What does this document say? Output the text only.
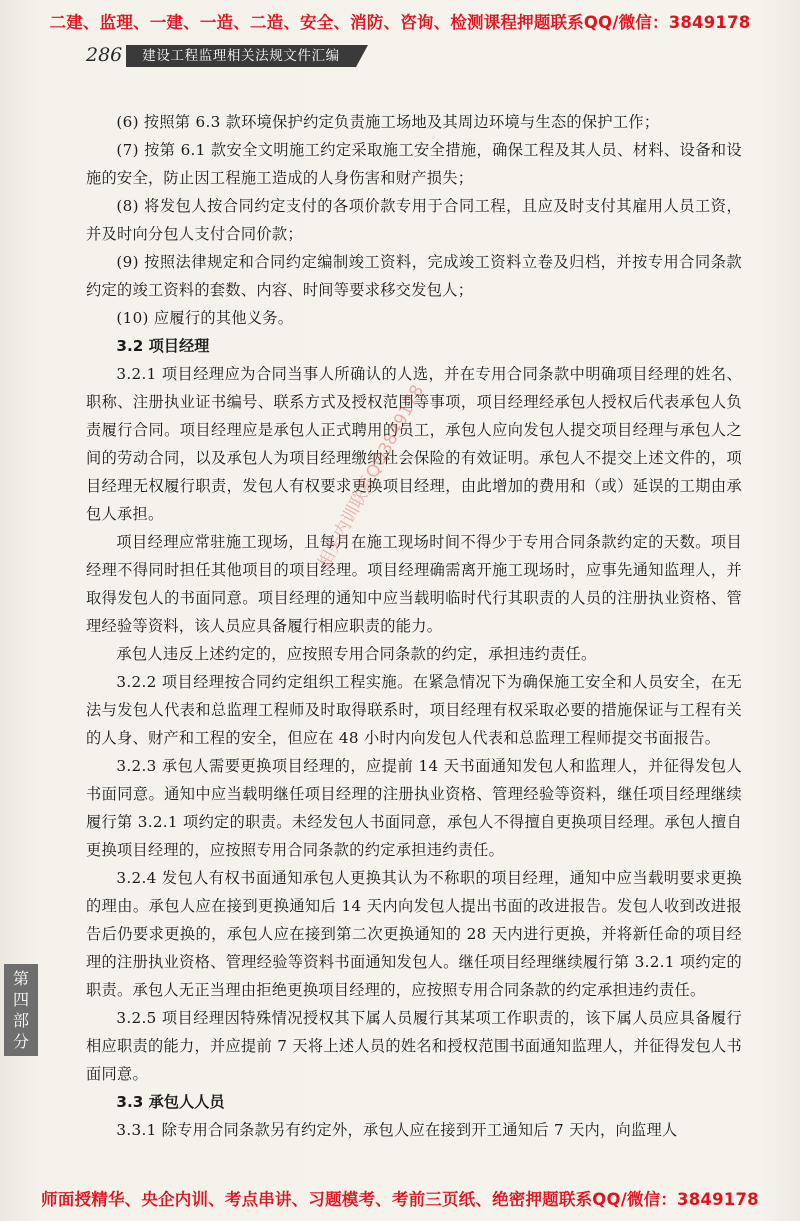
二建、监理、一建、一造、二造、安全、消防、咨询、检测课程押题联系QQ/微信：3849178
286	建设工程监理相关法规文件汇编

(6) 按照第 6.3 款环境保护约定负责施工场地及其周边环境与生态的保护工作；

(7) 按第 6.1 款安全文明施工约定采取施工安全措施，确保工程及其人员、材料、设备和设施的安全，防止因工程施工造成的人身伤害和财产损失；

(8) 将发包人按合同约定支付的各项价款专用于合同工程，且应及时支付其雇用人员工资，并及时向分包人支付合同价款；

(9) 按照法律规定和合同约定编制竣工资料，完成竣工资料立卷及归档，并按专用合同条款约定的竣工资料的套数、内容、时间等要求移交发包人；

(10) 应履行的其他义务。

3.2 项目经理

3.2.1 项目经理应为合同当事人所确认的人选，并在专用合同条款中明确项目经理的姓名、职称、注册执业证书编号、联系方式及授权范围等事项，项目经理经承包人授权后代表承包人负责履行合同。项目经理应是承包人正式聘用的员工，承包人应向发包人提交项目经理与承包人之间的劳动合同，以及承包人为项目经理缴纳社会保险的有效证明。承包人不提交上述文件的，项目经理无权履行职责，发包人有权要求更换项目经理，由此增加的费用和（或）延误的工期由承包人承担。

项目经理应常驻施工现场，且每月在施工现场时间不得少于专用合同条款约定的天数。项目经理不得同时担任其他项目的项目经理。项目经理确需离开施工现场时，应事先通知监理人，并取得发包人的书面同意。项目经理的通知中应当载明临时代行其职责的人员的注册执业资格、管理经验等资料，该人员应具备履行相应职责的能力。

承包人违反上述约定的，应按照专用合同条款的约定，承担违约责任。

3.2.2 项目经理按合同约定组织工程实施。在紧急情况下为确保施工安全和人员安全，在无法与发包人代表和总监理工程师及时取得联系时，项目经理有权采取必要的措施保证与工程有关的人身、财产和工程的安全，但应在 48 小时内向发包人代表和总监理工程师提交书面报告。

3.2.3 承包人需要更换项目经理的，应提前 14 天书面通知发包人和监理人，并征得发包人书面同意。通知中应当载明继任项目经理的注册执业资格、管理经验等资料，继任项目经理继续履行第 3.2.1 项约定的职责。未经发包人书面同意，承包人不得擅自更换项目经理。承包人擅自更换项目经理的，应按照专用合同条款的约定承担违约责任。

3.2.4 发包人有权书面通知承包人更换其认为不称职的项目经理，通知中应当载明要求更换的理由。承包人应在接到更换通知后 14 天内向发包人提出书面的改进报告。发包人收到改进报告后仍要求更换的，承包人应在接到第二次更换通知的 28 天内进行更换，并将新任命的项目经理的注册执业资格、管理经验等资料书面通知发包人。继任项目经理继续履行第 3.2.1 项约定的职责。承包人无正当理由拒绝更换项目经理的，应按照专用合同条款的约定承担违约责任。

3.2.5 项目经理因特殊情况授权其下属人员履行其某项工作职责的，该下属人员应具备履行相应职责的能力，并应提前 7 天将上述人员的姓名和授权范围书面通知监理人，并征得发包人书面同意。

3.3 承包人人员

3.3.1 除专用合同条款另有约定外，承包人应在接到开工通知后 7 天内，向监理人

相关内训联系QQ3849178
第
四
部
分
师面授精华、央企内训、考点串讲、习题模考、考前三页纸、绝密押题联系QQ/微信：3849178
